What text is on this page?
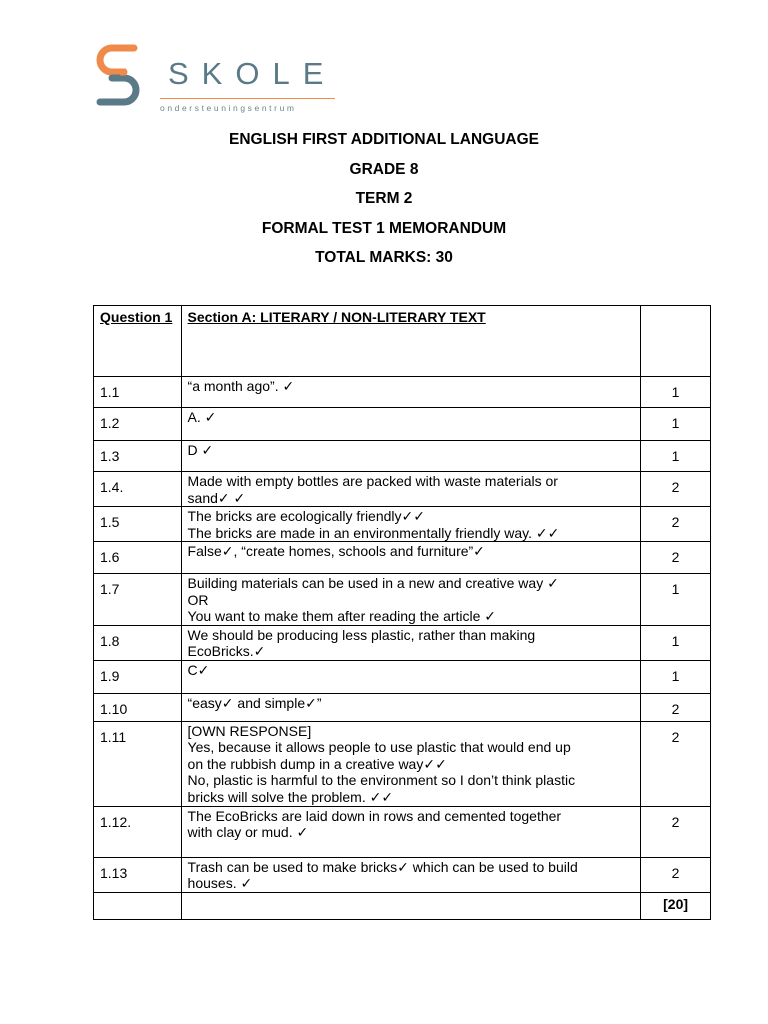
SKOLE
ondersteuningsentrum
ENGLISH FIRST ADDITIONAL LANGUAGE
GRADE 8
TERM 2
FORMAL TEST 1 MEMORANDUM
TOTAL MARKS: 30
Question 1	Section A: LITERARY / NON-LITERARY TEXT	
1.1	“a month ago”. ✓	1
1.2	A. ✓	1
1.3	D ✓	1
1.4.	Made with empty bottles are packed with waste materials or
sand✓ ✓	2
1.5	The bricks are ecologically friendly✓✓
The bricks are made in an environmentally friendly way. ✓✓	2
1.6	False✓, “create homes, schools and furniture”✓	2
1.7	Building materials can be used in a new and creative way ✓
OR
You want to make them after reading the article ✓	1
1.8	We should be producing less plastic, rather than making
EcoBricks.✓	1
1.9	C✓	1
1.10	“easy✓ and simple✓”	2
1.11	[OWN RESPONSE]
Yes, because it allows people to use plastic that would end up
on the rubbish dump in a creative way✓✓
No, plastic is harmful to the environment so I don’t think plastic
bricks will solve the problem. ✓✓	2
1.12.	The EcoBricks are laid down in rows and cemented together
with clay or mud. ✓	2
1.13	Trash can be used to make bricks✓ which can be used to build
houses. ✓	2
		[20]
